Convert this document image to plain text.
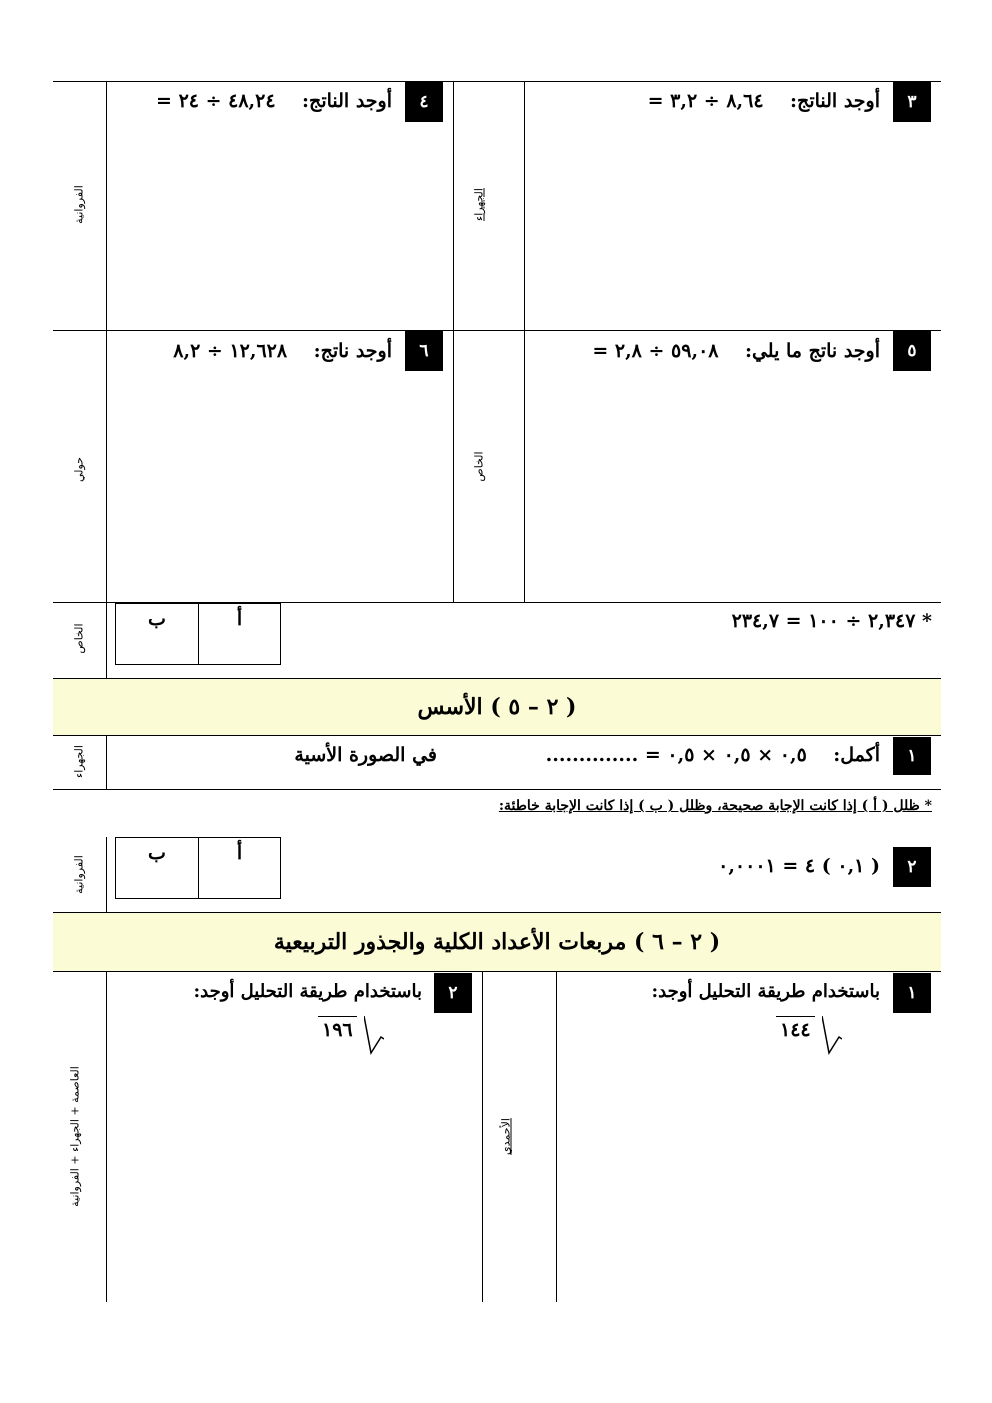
٣
أوجد الناتج:    ٨,٦٤ ÷ ٣,٢ =
٤
أوجد الناتج:    ٤٨,٢٤ ÷ ٢٤ =
الفروانية	الجهراء
٥
أوجد ناتج ما يلي:    ٥٩,٠٨ ÷ ٢,٨ =
٦
أوجد ناتج:    ١٢,٦٢٨ ÷ ٨,٢
حولي	الخاص
* ٢,٣٤٧ ÷ ١٠٠ = ٢٣٤,٧
ب	أ
الخاص
( ٢ – ٥ ) الأسس
١
أكمل:    ٠,٥ × ٠,٥ × ٠,٥ = ..............
في الصورة الأسية
الجهراء
* ظلل ( أ ) إذا كانت الإجابة صحيحة، وظلل ( ب ) إذا كانت الإجابة خاطئة:
٢
( ٠,١ ) ٤ = ٠,٠٠٠١
ب	أ
الفروانية
( ٢ – ٦ ) مربعات الأعداد الكلية والجذور التربيعية
١
باستخدام طريقة التحليل أوجد:
١٤٤
٢
باستخدام طريقة التحليل أوجد:
١٩٦
العاصمة + الجهراء + الفروانية	الأحمدي
